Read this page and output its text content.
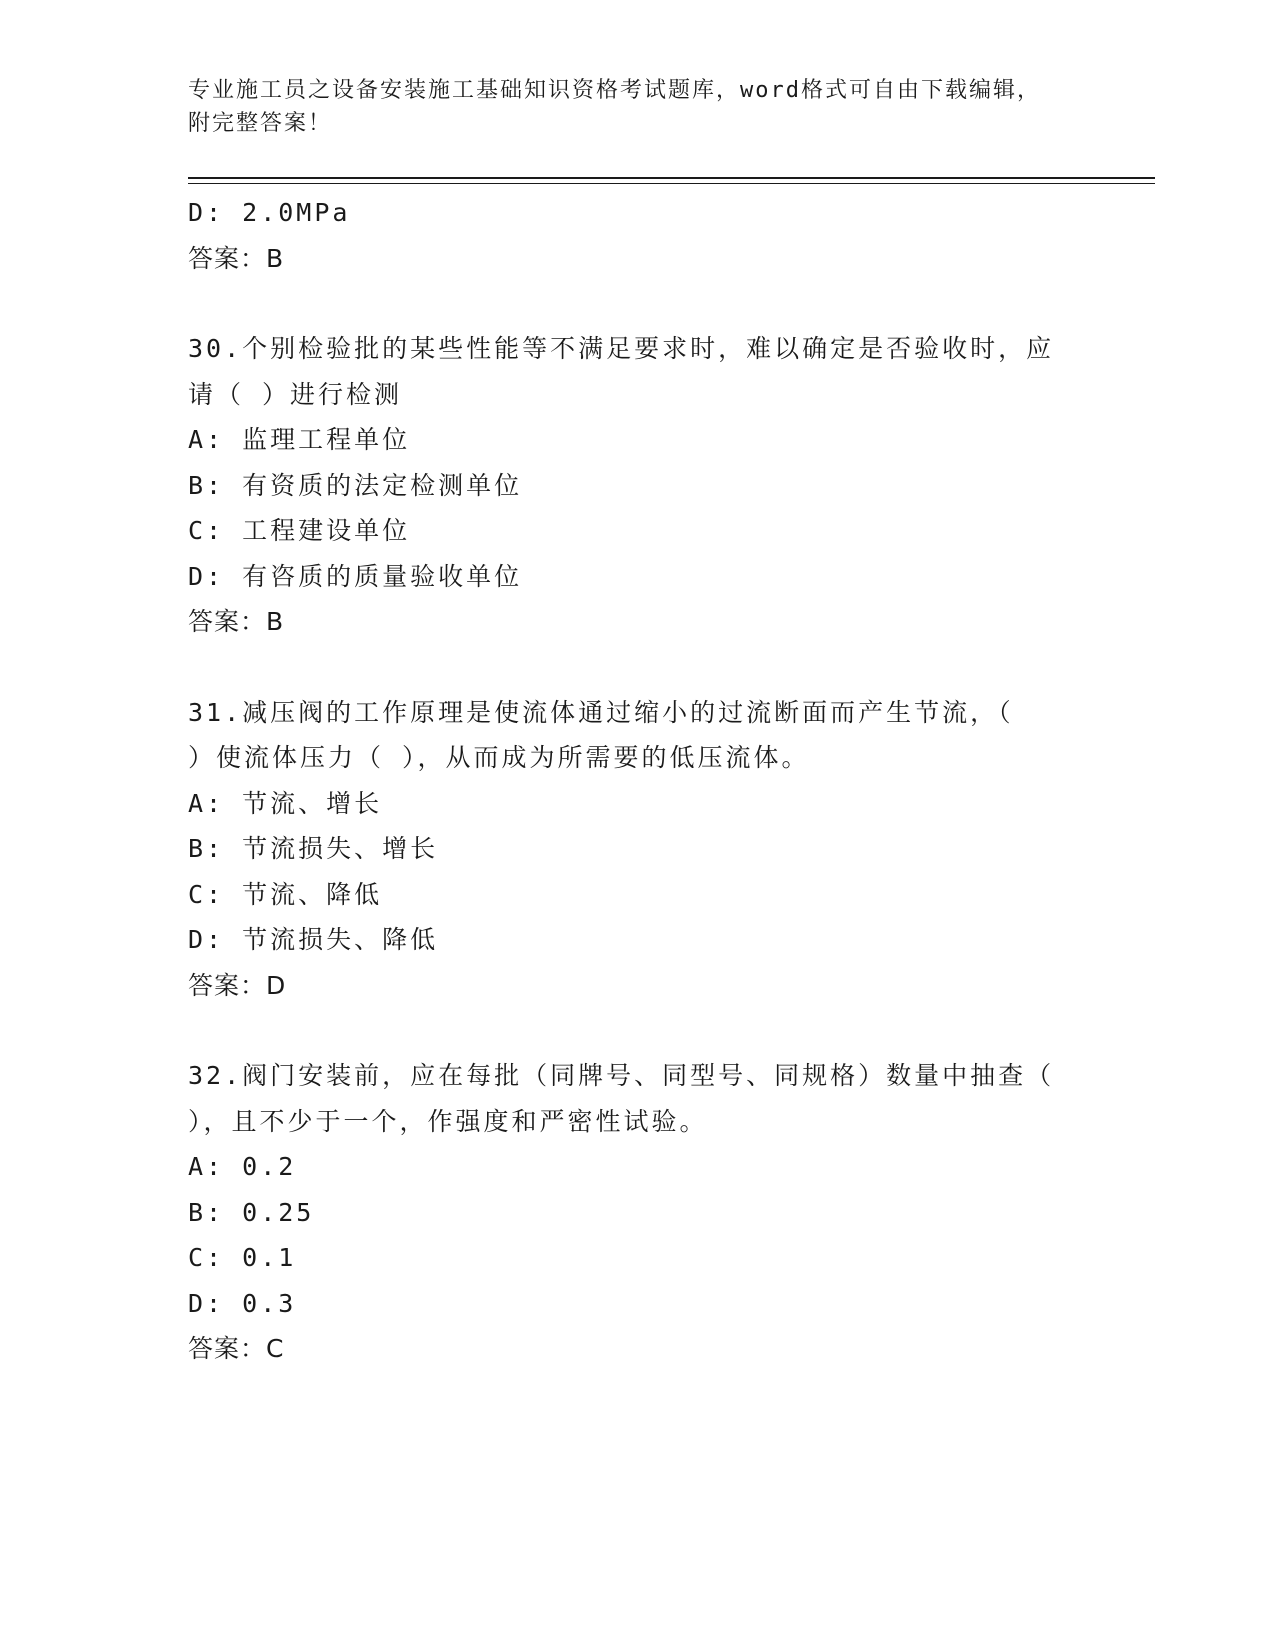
专业施工员之设备安装施工基础知识资格考试题库，word格式可自由下载编辑，
附完整答案！
D: 2.0MPa
答案：B
30.个别检验批的某些性能等不满足要求时，难以确定是否验收时，应
请（ ）进行检测
A: 监理工程单位
B: 有资质的法定检测单位
C: 工程建设单位
D: 有咨质的质量验收单位
答案：B
31.减压阀的工作原理是使流体通过缩小的过流断面而产生节流，（
）使流体压力（ ），从而成为所需要的低压流体。
A: 节流、增长
B: 节流损失、增长
C: 节流、降低
D: 节流损失、降低
答案：D
32.阀门安装前，应在每批（同牌号、同型号、同规格）数量中抽查（
），且不少于一个，作强度和严密性试验。
A: 0.2
B: 0.25
C: 0.1
D: 0.3
答案：C
